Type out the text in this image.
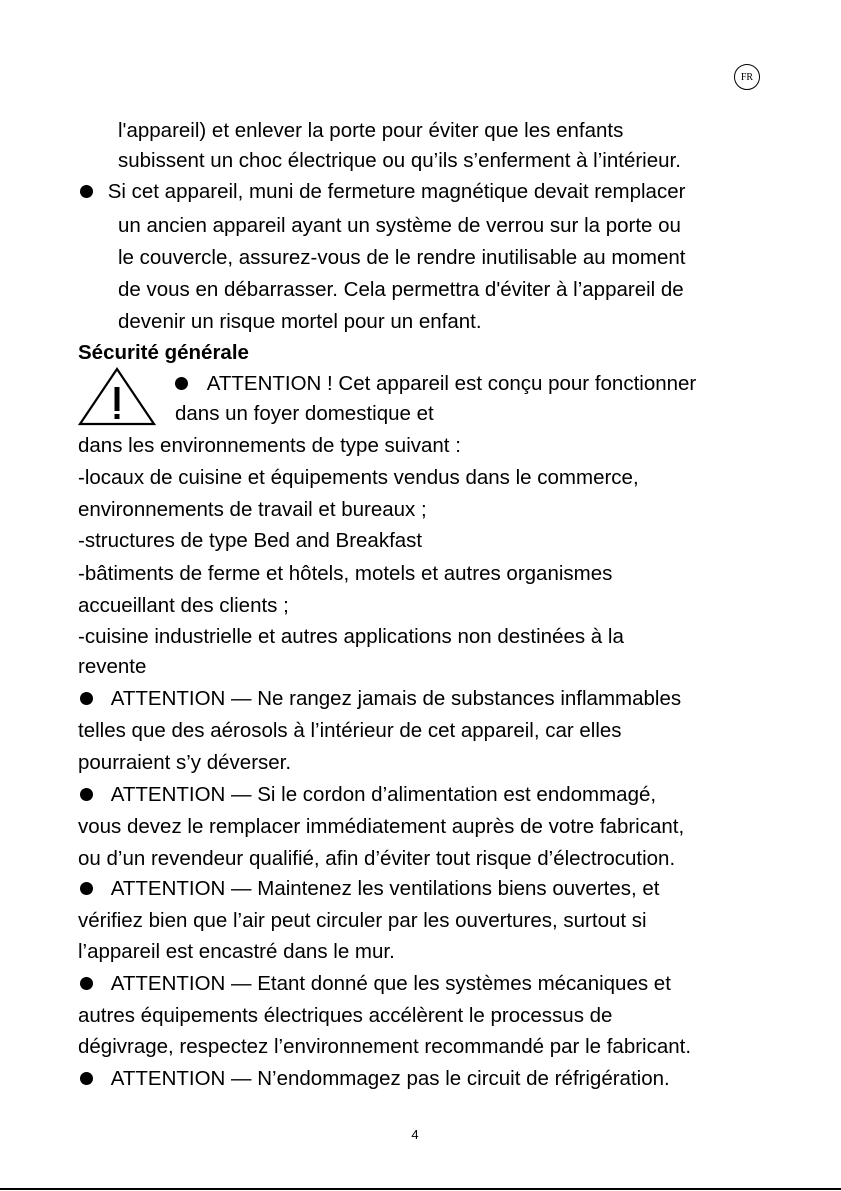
FR
l'appareil) et enlever la porte pour éviter que les enfants
subissent un choc électrique ou qu’ils s’enferment à l’intérieur.
Si cet appareil, muni de fermeture magnétique devait remplacer
un ancien appareil ayant un système de verrou sur la porte ou
le couvercle, assurez-vous de le rendre inutilisable au moment
de vous en débarrasser. Cela permettra d'éviter à l’appareil de
devenir un risque mortel pour un enfant.
Sécurité générale
ATTENTION ! Cet appareil est conçu pour fonctionner
dans un foyer domestique et
dans les environnements de type suivant :
-locaux de cuisine et équipements vendus dans le commerce,
environnements de travail et bureaux ;
-structures de type Bed and Breakfast
-bâtiments de ferme et hôtels, motels et autres organismes
accueillant des clients ;
-cuisine industrielle et autres applications non destinées à la
revente
ATTENTION — Ne rangez jamais de substances inflammables
telles que des aérosols à l’intérieur de cet appareil, car elles
pourraient s’y déverser.
ATTENTION — Si le cordon d’alimentation est endommagé,
vous devez le remplacer immédiatement auprès de votre fabricant,
ou d’un revendeur qualifié, afin d’éviter tout risque d’électrocution.
ATTENTION — Maintenez les ventilations biens ouvertes, et
vérifiez bien que l’air peut circuler par les ouvertures, surtout si
l’appareil est encastré dans le mur.
ATTENTION — Etant donné que les systèmes mécaniques et
autres équipements électriques accélèrent le processus de
dégivrage, respectez l’environnement recommandé par le fabricant.
ATTENTION — N’endommagez pas le circuit de réfrigération.
4
